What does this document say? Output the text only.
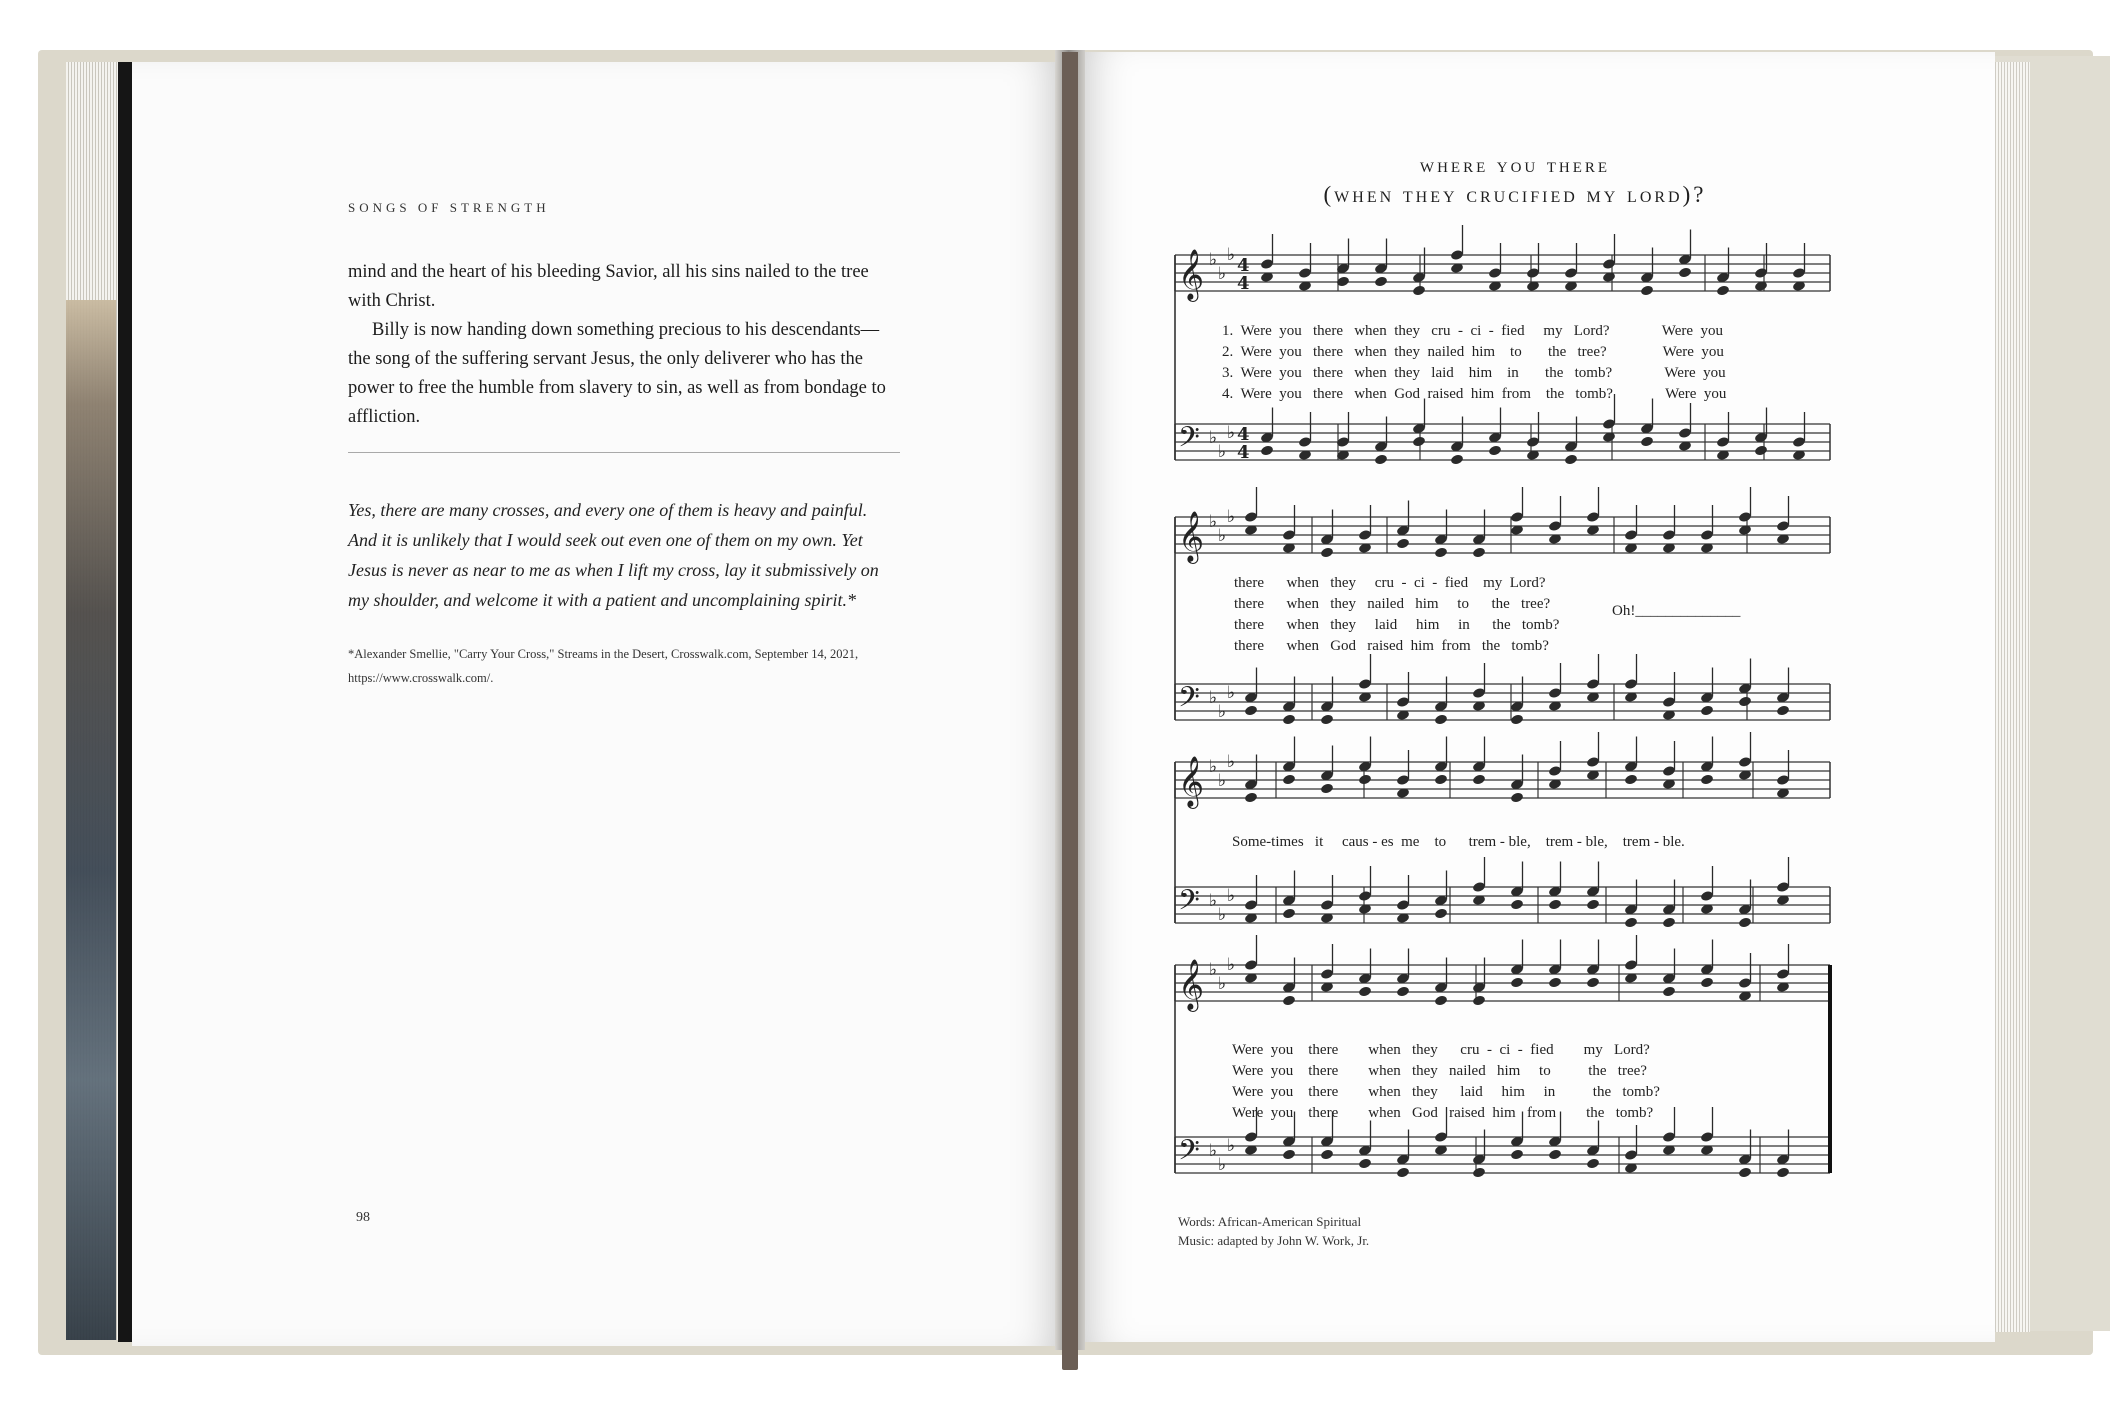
SONGS OF STRENGTH

mind and the heart of his bleeding Savior, all his sins nailed to the tree with Christ.

Billy is now handing down something precious to his descendants—the song of the suffering servant Jesus, the only deliverer who has the power to free the humble from slavery to sin, as well as from bondage to affliction.

Yes, there are many crosses, and every one of them is heavy and painful. And it is unlikely that I would seek out even one of them on my own. Yet Jesus is never as near to me as when I lift my cross, lay it submissively on my shoulder, and welcome it with a patient and uncomplaining spirit.*
*Alexander Smellie, "Carry Your Cross," Streams in the Desert, Crosswalk.com, September 14, 2021, https://www.crosswalk.com/.
98
where you there
(when they crucified my lord)?
𝄞 ♭
♭
♭ 4
4
𝄢 ♭
♭
♭ 4
4
𝄞 ♭
♭
♭
𝄢 ♭
♭
♭
𝄞 ♭
♭
♭
𝄢 ♭
♭
♭
𝄞 ♭
♭
♭
𝄢 ♭
♭
♭
1.  Were  you   there   when  they   cru  -  ci  -  fied     my   Lord?              Were  you
2.  Were  you   there   when  they  nailed  him    to       the   tree?               Were  you
3.  Were  you   there   when  they   laid    him    in       the   tomb?              Were  you
4.  Were  you   there   when  God  raised  him  from    the   tomb?              Were  you
there      when   they     cru  -  ci  -  fied    my  Lord?
there      when   they   nailed   him     to      the   tree?
there      when   they     laid     him     in      the   tomb?
there      when   God   raised  him  from   the   tomb?
Oh!______________
Some-times   it     caus - es  me    to      trem - ble,    trem - ble,    trem - ble.
Were  you    there        when   they      cru  -  ci  -  fied        my   Lord?
Were  you    there        when   they   nailed   him     to          the   tree?
Were  you    there        when   they      laid     him     in          the   tomb?
Were  you    there        when   God   raised  him   from        the   tomb?
Words: African-American Spiritual
Music: adapted by John W. Work, Jr.
